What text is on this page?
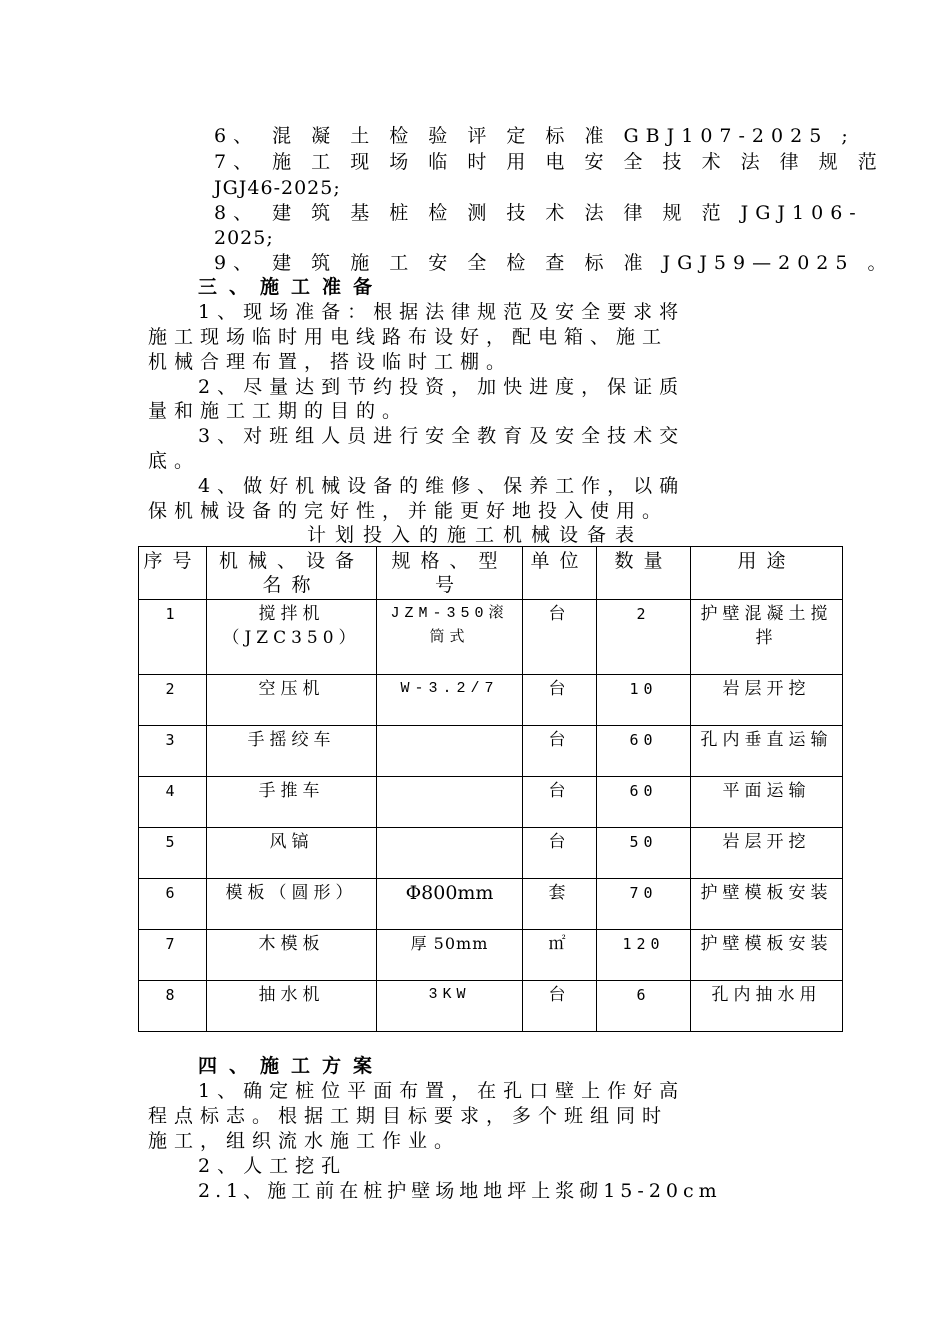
6、 混 凝 土 检 验 评 定 标 准 GBJ107-2025 ;
7、 施 工 现 场 临 时 用 电 安 全 技 术 法 律 规 范
JGJ46-2025;
8、 建 筑 基 桩 检 测 技 术 法 律 规 范 JGJ106-
2025;
9、 建 筑 施 工 安 全 检 查 标 准 JGJ59—2025 。
三、施工准备
1、现场准备：根据法律规范及安全要求将
施工现场临时用电线路布设好，配电箱、施工
机械合理布置，搭设临时工棚。
2、尽量达到节约投资，加快进度，保证质
量和施工工期的目的。
3、对班组人员进行安全教育及安全技术交
底。
4、做好机械设备的维修、保养工作，以确
保机械设备的完好性，并能更好地投入使用。
计划投入的施工机械设备表
序号	机械、设备名称	规格、型号	单位	数量	用途
1	搅拌机（JZC350）	JZM-350滚筒式	台	2	护壁混凝土搅拌
2	空压机	W-3.2/7	台	10	岩层开挖
3	手摇绞车		台	60	孔内垂直运输
4	手推车		台	60	平面运输
5	风镐		台	50	岩层开挖
6	模板（圆形）	Φ800mm	套	70	护壁模板安装
7	木模板	厚 50mm	㎡	120	护壁模板安装
8	抽水机	3KW	台	6	孔内抽水用
四、施工方案
1、确定桩位平面布置，在孔口壁上作好高
程点标志。根据工期目标要求，多个班组同时
施工，组织流水施工作业。
2、人工挖孔
2.1、施工前在桩护壁场地地坪上浆砌15-20cm
